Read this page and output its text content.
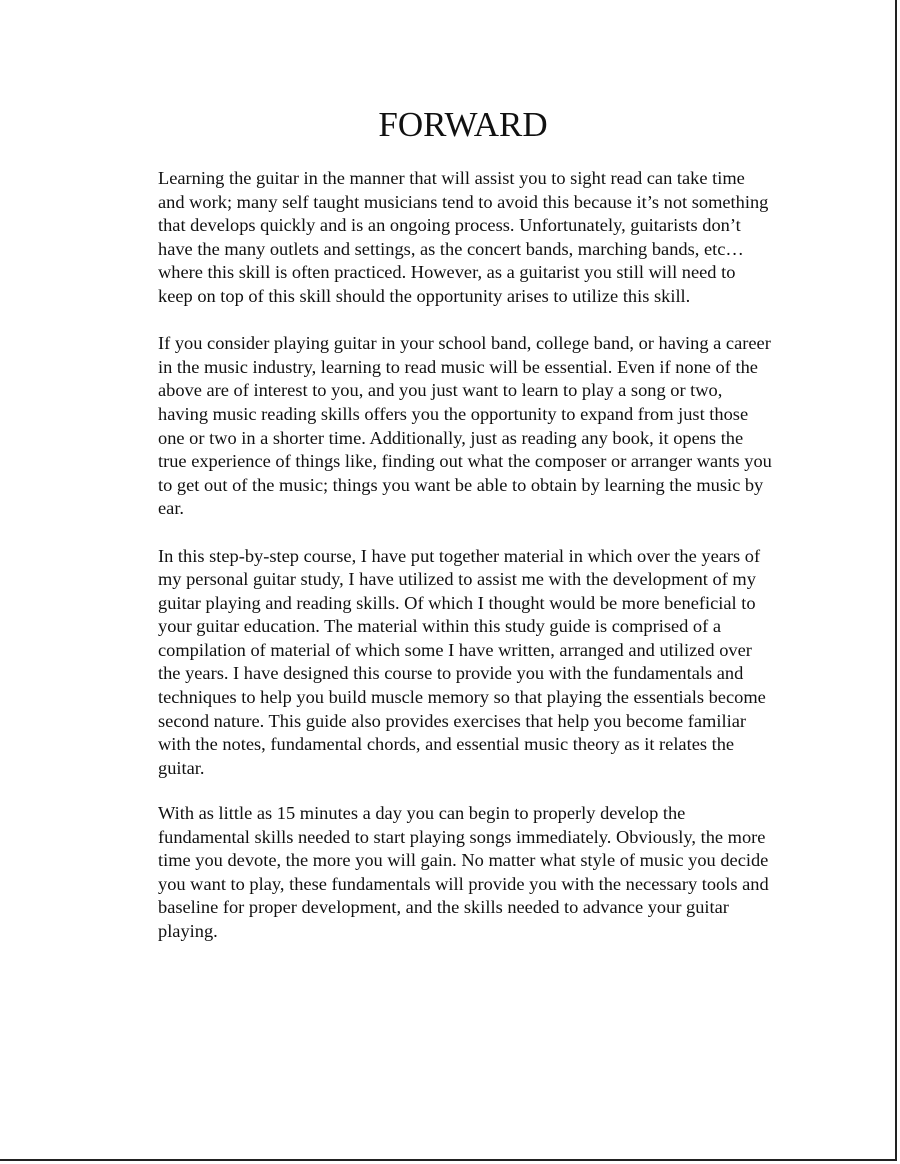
FORWARD

Learning the guitar in the manner that will assist you to sight read can take time and work; many self taught musicians tend to avoid this because it’s not something that develops quickly and is an ongoing process. Unfortunately, guitarists don’t have the many outlets and settings, as the concert bands, marching bands, etc… where this skill is often practiced. However, as a guitarist you still will need to keep on top of this skill should the opportunity arises to utilize this skill.

If you consider playing guitar in your school band, college band, or having a career in the music industry, learning to read music will be essential. Even if none of the above are of interest to you, and you just want to learn to play a song or two, having music reading skills offers you the opportunity to expand from just those one or two in a shorter time. Additionally, just as reading any book, it opens the true experience of things like, finding out what the composer or arranger wants you to get out of the music; things you want be able to obtain by learning the music by ear.

In this step-by-step course, I have put together material in which over the years of my personal guitar study, I have utilized to assist me with the development of my guitar playing and reading skills. Of which I thought would be more beneficial to your guitar education. The material within this study guide is comprised of a compilation of material of which some I have written, arranged and utilized over the years. I have designed this course to provide you with the fundamentals and techniques to help you build muscle memory so that playing the essentials become second nature. This guide also provides exercises that help you become familiar with the notes, fundamental chords, and essential music theory as it relates the guitar.

With as little as 15 minutes a day you can begin to properly develop the fundamental skills needed to start playing songs immediately. Obviously, the more time you devote, the more you will gain. No matter what style of music you decide you want to play, these fundamentals will provide you with the necessary tools and baseline for proper development, and the skills needed to advance your guitar playing.
